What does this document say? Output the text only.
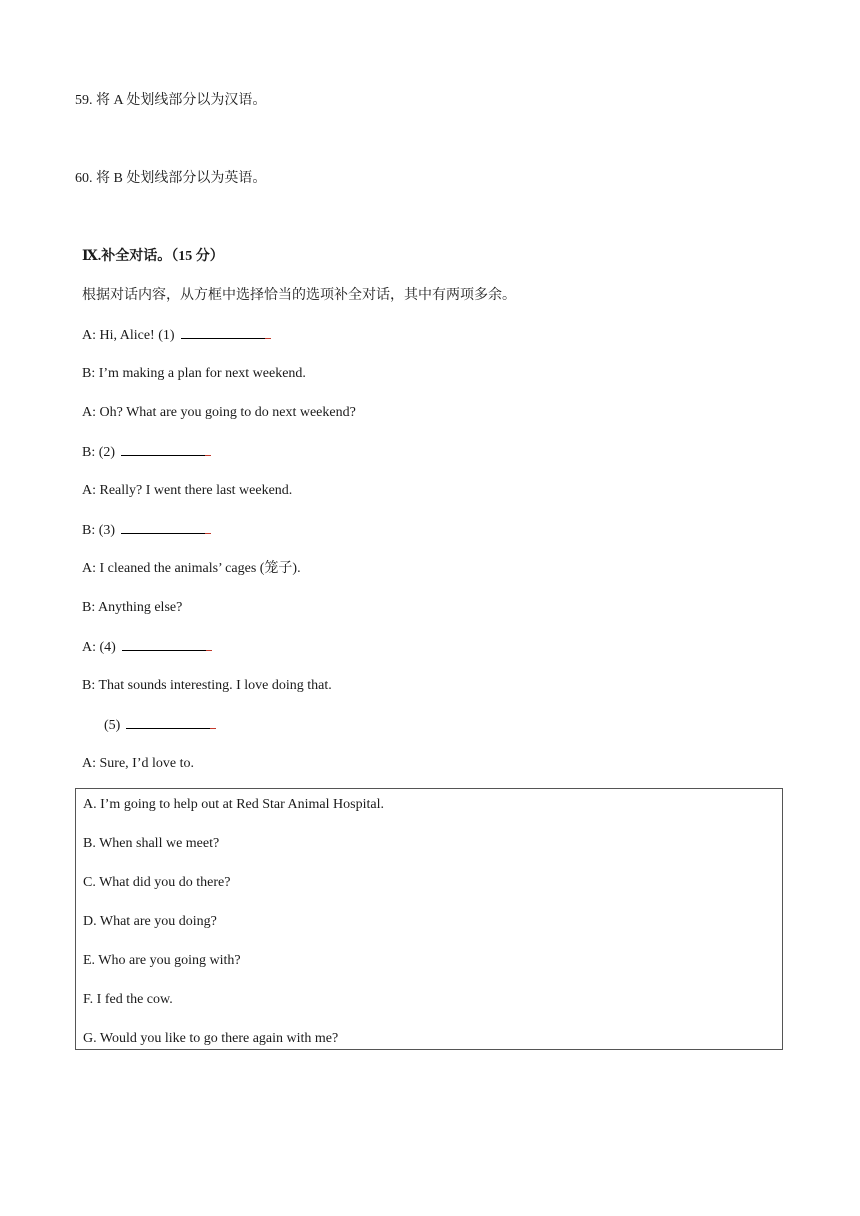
59. 将 A 处划线部分以为汉语。
60. 将 B 处划线部分以为英语。
Ⅸ.补全对话。（15 分）
根据对话内容，从方框中选择恰当的选项补全对话，其中有两项多余。
A: Hi, Alice! (1)
B: I’m making a plan for next weekend.
A: Oh? What are you going to do next weekend?
B: (2)
A: Really? I went there last weekend.
B: (3)
A: I cleaned the animals’ cages (笼子).
B: Anything else?
A: (4)
B: That sounds interesting. I love doing that.
(5)
A: Sure, I’d love to.
A. I’m going to help out at Red Star Animal Hospital.
B. When shall we meet?
C. What did you do there?
D. What are you doing?
E. Who are you going with?
F. I fed the cow.
G. Would you like to go there again with me?
